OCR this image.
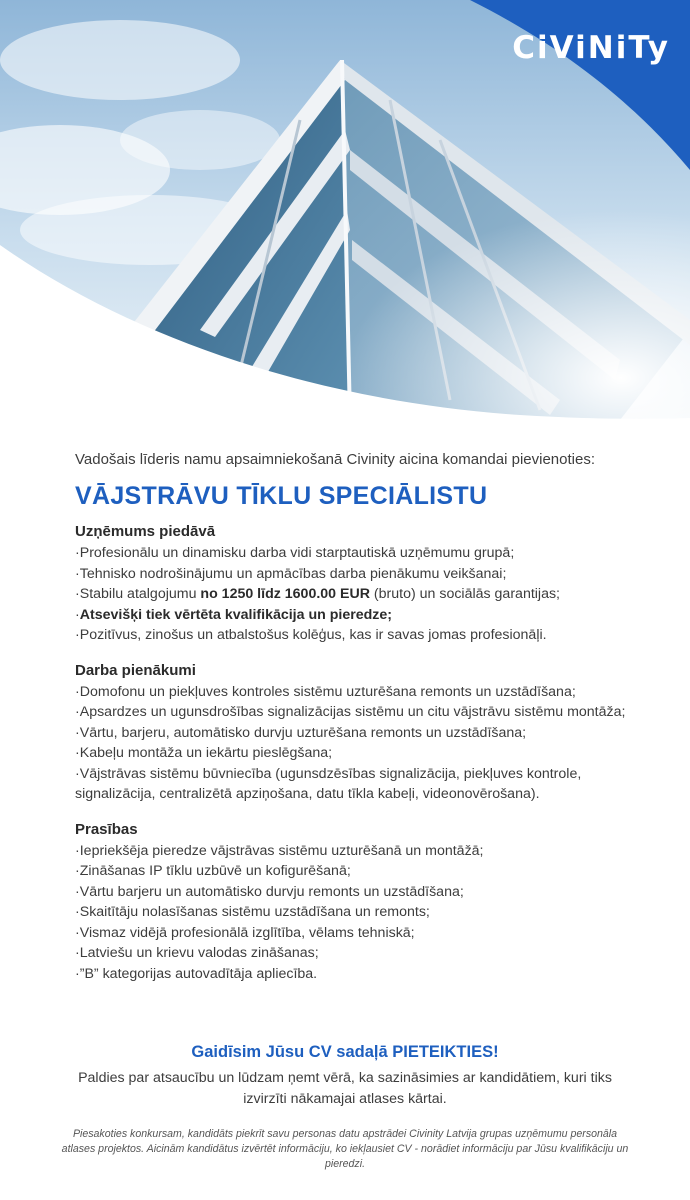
CiViNiTy

Vadošais līderis namu apsaimniekošanā Civinity aicina komandai pievienoties:

VĀJSTRĀVU TĪKLU SPECIĀLISTU
Uzņēmums piedāvā
·Profesionālu un dinamisku darba vidi starptautiskā uzņēmumu grupā;
·Tehnisko nodrošinājumu un apmācības darba pienākumu veikšanai;
·Stabilu atalgojumu no 1250 līdz 1600.00 EUR (bruto) un sociālās garantijas;
·Atsevišķi tiek vērtēta kvalifikācija un pieredze;
·Pozitīvus, zinošus un atbalstošus kolēģus, kas ir savas jomas profesionāļi.
Darba pienākumi
·Domofonu un piekļuves kontroles sistēmu uzturēšana remonts un uzstādīšana;
·Apsardzes un ugunsdrošības signalizācijas sistēmu un citu vājstrāvu sistēmu montāža;
·Vārtu, barjeru, automātisko durvju uzturēšana remonts un uzstādīšana;
·Kabeļu montāža un iekārtu pieslēgšana;
·Vājstrāvas sistēmu būvniecība (ugunsdzēsības signalizācija, piekļuves kontrole, signalizācija, centralizētā apziņošana, datu tīkla kabeļi, videonovērošana).
Prasības
·Iepriekšēja pieredze vājstrāvas sistēmu uzturēšanā un montāžā;
·Zināšanas IP tīklu uzbūvē un kofigurēšanā;
·Vārtu barjeru un automātisko durvju remonts un uzstādīšana;
·Skaitītāju nolasīšanas sistēmu uzstādīšana un remonts;
·Vismaz vidējā profesionālā izglītība, vēlams tehniskā;
·Latviešu un krievu valodas zināšanas;
·”B” kategorijas autovadītāja apliecība.
Gaidīsim Jūsu CV sadaļā PIETEIKTIES!
Paldies par atsaucību un lūdzam ņemt vērā, ka sazināsimies ar kandidātiem, kuri tiks izvirzīti nākamajai atlases kārtai.
Piesakoties konkursam, kandidāts piekrīt savu personas datu apstrādei Civinity Latvija grupas uzņēmumu personāla atlases projektos. Aicinām kandidātus izvērtēt informāciju, ko iekļausiet CV - norādiet informāciju par Jūsu kvalifikāciju un pieredzi.
